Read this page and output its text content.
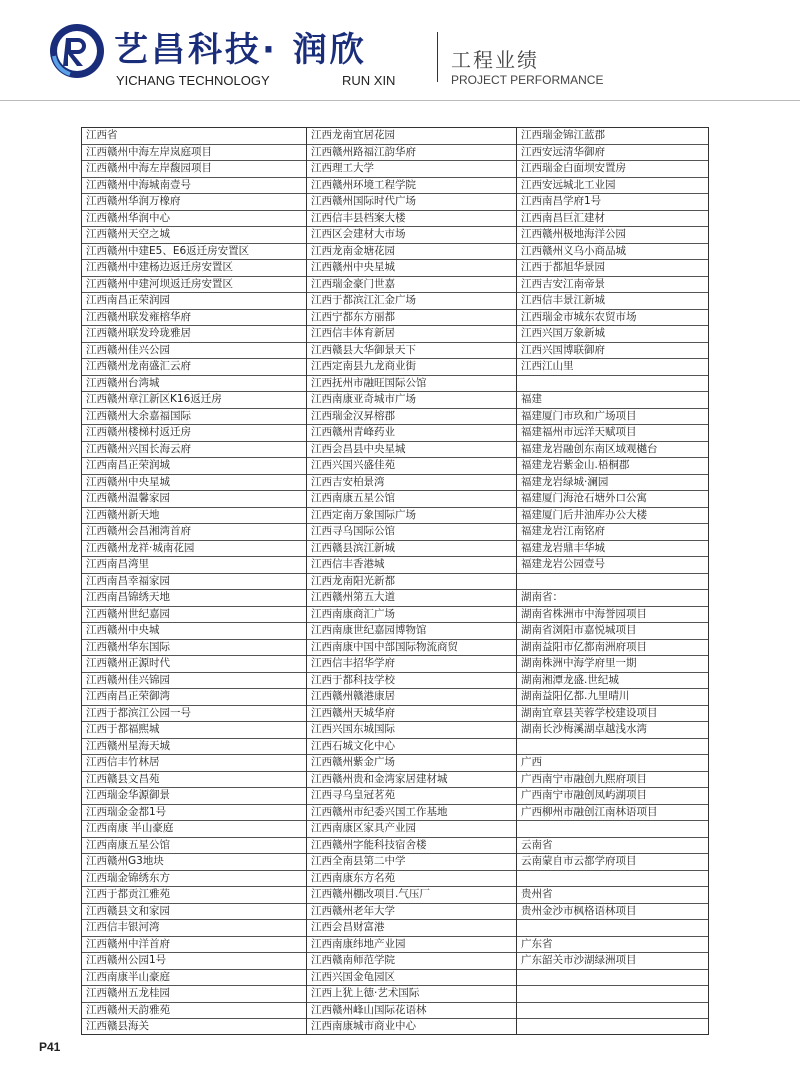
艺昌科技· 润欣
YICHANG TECHNOLOGY	RUN XIN
工程业绩
PROJECT PERFORMANCE
江西省
江西赣州中海左岸岚庭项目
江西赣州中海左岸馥园项目
江西赣州中海城南壹号
江西赣州华润万橡府
江西赣州华润中心
江西赣州天空之城
江西赣州中建E5、E6返迁房安置区
江西赣州中建杨边返迁房安置区
江西赣州中建河坝返迁房安置区
江西南昌正荣润园
江西赣州联发雍榕华府
江西赣州联发玲珑雅居
江西赣州佳兴公园
江西赣州龙南盛汇云府
江西赣州台湾城
江西赣州章江新区K16返迁房
江西赣州大余嘉福国际
江西赣州楼梯村返迁房
江西赣州兴国长海云府
江西南昌正荣润城
江西赣州中央星城
江西赣州温馨家园
江西赣州新天地
江西赣州会昌湘湾首府
江西赣州龙祥·城南花园
江西南昌湾里
江西南昌幸福家园
江西南昌锦绣天地
江西赣州世纪嘉园
江西赣州中央城
江西赣州华东国际
江西赣州正源时代
江西赣州佳兴锦园
江西南昌正荣御湾
江西于都滨江公园一号
江西于都福熙城
江西赣州星海天城
江西信丰竹林居
江西赣县文昌苑
江西瑞金华源御景
江西瑞金金都1号
江西南康 半山豪庭
江西南康五星公馆
江西赣州G3地块
江西瑞金锦绣东方
江西于都贡江雅苑
江西赣县文和家园
江西信丰银河湾
江西赣州中洋首府
江西赣州公园1号
江西南康半山豪庭
江西赣州五龙桂园
江西赣州天韵雅苑
江西赣县海关
江西龙南宜居花园
江西赣州路福江韵华府
江西理工大学
江西赣州环境工程学院
江西赣州国际时代广场
江西信丰县档案大楼
江西区会建材大市场
江西龙南金塘花园
江西赣州中央星城
江西瑞金豪门世嘉
江西于都滨江汇金广场
江西宁都东方丽都
江西信丰体育新居
江西赣县大华御景天下
江西定南县九龙商业街
江西抚州市融旺国际公馆
江西南康亚奇城市广场
江西瑞金汉昇榕郡
江西赣州青峰药业
江西会昌县中央星城
江西兴国兴盛佳苑
江西吉安柏景湾
江西南康五星公馆
江西定南万象国际广场
江西寻乌国际公馆
江西赣县滨江新城
江西信丰香港城
江西龙南阳光新都
江西赣州第五大道
江西南康商汇广场
江西南康世纪嘉园博物馆
江西南康中国中部国际物流商贸
江西信丰招华学府
江西于都科技学校
江西赣州赣港康居
江西赣州天城华府
江西兴国东城国际
江西石城文化中心
江西赣州紫金广场
江西赣州贵和金湾家居建材城
江西寻乌皇冠茗苑
江西赣州市纪委兴国工作基地
江西南康区家具产业园
江西赣州字能科技宿舍楼
江西全南县第二中学
江西南康东方名苑
江西赣州棚改项目.气压厂
江西赣州老年大学
江西会昌财富港
江西南康纬地产业园
江西赣南师范学院
江西兴国金龟园区
江西上犹上德·艺术国际
江西赣州峰山国际花语林
江西南康城市商业中心
江西瑞金锦江蓝郡
江西安远清华御府
江西瑞金白面坝安置房
江西安远城北工业园
江西南昌学府1号
江西南昌巨汇建材
江西赣州极地海洋公园
江西赣州义乌小商品城
江西于都旭华景园
江西吉安江南帝景
江西信丰景江新城
江西瑞金市城东农贸市场
江西兴国万象新城
江西兴国博联御府
江西江山里
福建
福建厦门市玖和广场项目
福建福州市远洋天赋项目
福建龙岩融创东南区域观樾台
福建龙岩紫金山.梧桐郡
福建龙岩绿城·澜园
福建厦门海沧石塘外口公寓
福建厦门后井油库办公大楼
福建龙岩江南铭府
福建龙岩鼎丰华城
福建龙岩公园壹号
湖南省：
湖南省株洲市中海誉园项目
湖南省浏阳市嘉悦城项目
湖南益阳市亿都南洲府项目
湖南株洲中海学府里一期
湖南湘潭龙盛.世纪城
湖南益阳亿都.九里晴川
湖南宜章县芙蓉学校建设项目
湖南长沙梅溪湖卓越浅水湾
广西
广西南宁市融创九熙府项目
广西南宁市融创凤屿湖项目
广西柳州市融创江南林语项目
云南省
云南蒙自市云都学府项目
贵州省
贵州金沙市枫格语林项目
广东省
广东韶关市沙湖绿洲项目
P41
